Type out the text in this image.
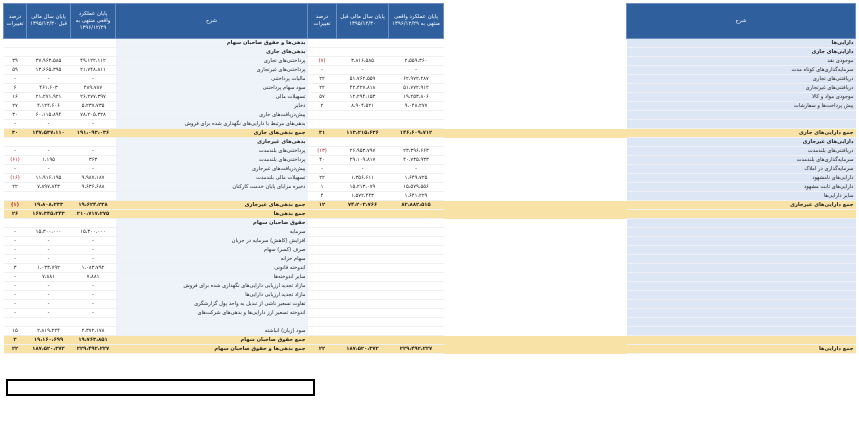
درصد تغییرات	پایان سال مالی قبل ۱۳۹۵/۱۲/۳۰	پایان عملکرد واقعی منتهی به ۱۳۹۶/۱۲/۲۹	شرح	درصد تغییرات	پایان سال مالی قبل ۱۳۹۵/۱۲/۳۰	پایان عملکرد واقعی منتهی به ۱۳۹۶/۱۲/۲۹		شرح
			بدهی‌ها و حقوق صاحبان سهام					دارایی‌ها
			بدهی‌های جاری					دارایی‌های جاری
۳۹	۳۷،۹۶۳،۵۸۵	۴۹،۱۲۲،۱۱۲	پرداختنی‌های تجاری	(۷)	۳،۸۱۶،۵۸۵	۲،۵۵۹،۳۶۰		موجودی نقد
۵۹	۱۳،۶۶۵،۳۹۵	۲۱،۷۴۸،۸۱۱	پرداختنی‌های غیرتجاری	-	-	-		سرمایه‌گذاری‌های کوتاه مدت
-	-	-	مالیات پرداختنی	۲۲	۵۱،۷۶۲،۵۵۹	۶۲،۹۷۲،۲۸۷		دریافتنی‌های تجاری
۶	۴۶۱،۶۰۳	۴۸۹،۷۸۷	سود سهام پرداختنی	۲۲	۴۲،۴۲۷،۸۱۸	۵۱،۷۷۲،۹۱۲		دریافتنی‌های غیرتجاری
۱۶	۲۱،۲۷۱،۹۲۱	۲۶،۲۷۷،۳۹۷	تسهیلات مالی	۵۷	۱۲،۲۹۴،۱۵۳	۱۹،۲۵۳،۸۰۶		موجودی مواد و کالا
۲۷	۴،۱۲۴،۶۰۶	۵،۲۳۷،۷۳۵	ذخایر	۲	۸،۹۰۴،۵۲۱	۹،۰۴۸،۲۷۷		پیش پرداخت‌ها و سفارشات
۳۰	۶۰،۱۱۵،۸۹۴	۷۸،۲۰۵،۳۲۸	پیش‌دریافت‌های جاری					
-	-	-	بدهی‌های مرتبط با دارایی‌های نگهداری شده برای فروش					
۳۰	۱۴۷،۵۳۷،۱۱۰	۱۹۱،۰۹۳،۰۳۶	جمع بدهی‌های جاری	۳۱	۱۱۳،۲۱۵،۶۳۶	۱۴۶،۶۰۹،۷۱۲		جمع دارایی‌های جاری
			بدهی‌های غیرجاری					دارایی‌های غیرجاری
-	-	-	پرداختنی‌های بلندمدت	(۱۳)	۲۶،۹۵۳،۷۹۷	۲۳،۳۹۶،۶۶۳		دریافتنی‌های بلندمدت
(۶۱)	۱،۱۹۵	۳۶۳	پرداختنی‌های بلندمدت	۴۰	۲۹،۱۰۹،۸۱۷	۴۰،۷۳۵،۹۳۳		سرمایه‌گذاری‌های بلندمدت
-	-	-	پیش‌دریافت‌های غیرجاری	-	-	-		سرمایه‌گذاری در املاک
(۱۶)	۱۱،۹۱۶،۱۹۵	۹،۹۸۷،۱۸۷	تسهیلات مالی بلندمدت	۲۲	۱،۳۵۶،۶۱۱	۱،۶۴۹،۷۲۵		دارایی‌های نامشهود
۲۲	۷،۸۹۷،۸۴۳	۹،۶۳۶،۶۸۸	ذخیره مزایای پایان خدمت کارکنان	۱	۱۵،۲۱۳،۰۷۹	۱۵،۵۷۹،۵۵۶		دارایی‌های ثابت مشهود
				۴	۱،۵۷۲،۴۴۳	۱،۶۴۱،۲۲۹		سایر دارایی‌ها
(۱)	۱۹،۸۰۸،۲۳۳	۱۹،۶۲۴،۲۳۸	جمع بدهی‌های غیرجاری	۱۲	۷۴،۲۰۳،۷۶۶	۸۲،۸۸۲،۵۱۵		جمع دارایی‌های غیرجاری
۲۶	۱۶۷،۳۴۵،۳۴۳	۲۱۰،۷۱۷،۲۷۵	جمع بدهی‌ها					
			حقوق صاحبان سهام					
-	۱۵،۳۰۰،۰۰۰	۱۵،۳۰۰،۰۰۰	سرمایه					
-	-	-	افزایش (کاهش) سرمایه در جریان					
-	-	-	صرف (کسر) سهام					
-	-	-	سهام خزانه					
۳	۱،۰۳۳،۷۹۲	۱،۰۸۳،۷۹۲	اندوخته قانونی					
-	۷،۸۸۱	۷،۸۸۱	سایر اندوخته‌ها					
-	-	-	مازاد تجدید ارزیابی دارایی‌های نگهداری شده برای فروش					
-	-	-	مازاد تجدید ارزیابی دارایی‌ها					
-	-	-	تفاوت تسعیر ناشی از تبدیل به واحد پول گزارشگری					
-	-	-	اندوخته تسعیر ارز دارایی‌ها و بدهی‌های شرکت‌های					

۱۵	۲،۸۱۹،۲۲۴	۲،۳۷۲،۱۷۸	سود (زیان) انباشته					
۳	۱۹،۱۶۰،۶۹۹	۱۹،۷۶۳،۸۵۱	جمع حقوق صاحبان سهام					
۲۲	۱۸۷،۵۲۰،۳۷۲	۲۲۹،۴۹۲،۲۲۷	جمع بدهی‌ها و حقوق صاحبان سهام	۲۲	۱۸۷،۵۲۰،۳۷۲	۲۲۹،۴۹۲،۲۲۷		جمع دارایی‌ها
